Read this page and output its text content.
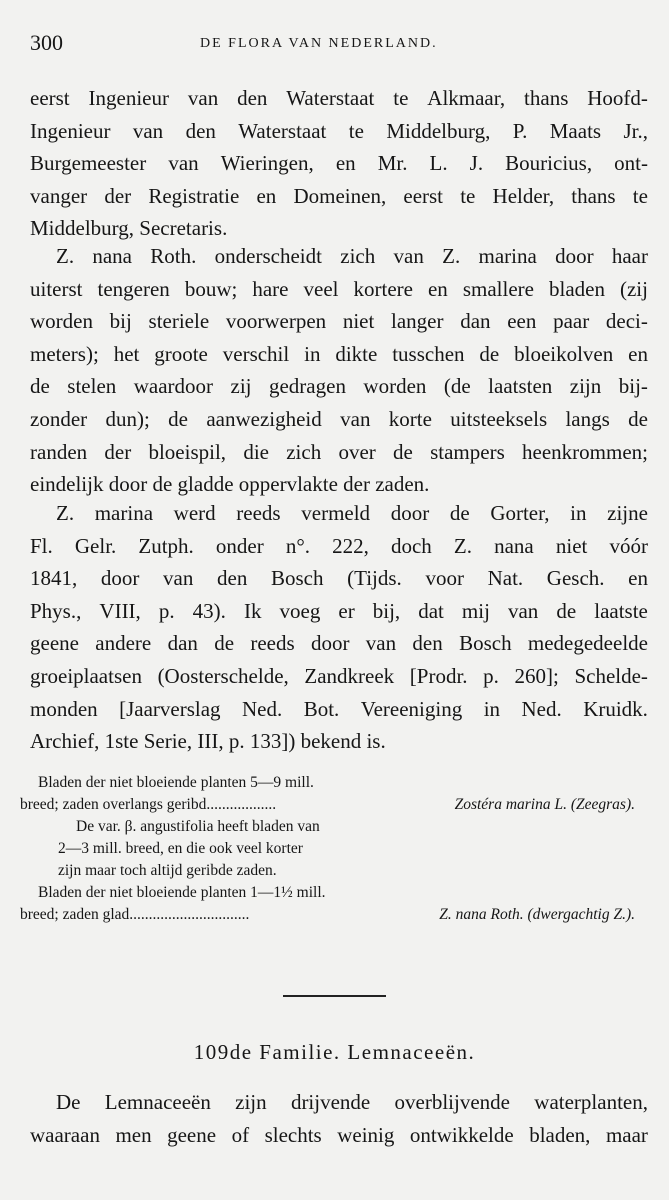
300	DE FLORA VAN NEDERLAND.
eerst Ingenieur van den Waterstaat te Alkmaar, thans Hoofd-
Ingenieur van den Waterstaat te Middelburg, P. Maats Jr.,
Burgemeester van Wieringen, en Mr. L. J. Bouricius, ont-
vanger der Registratie en Domeinen, eerst te Helder, thans te
Middelburg, Secretaris.
Z. nana Roth. onderscheidt zich van Z. marina door haar
uiterst tengeren bouw; hare veel kortere en smallere bladen (zij
worden bij steriele voorwerpen niet langer dan een paar deci-
meters); het groote verschil in dikte tusschen de bloeikolven en
de stelen waardoor zij gedragen worden (de laatsten zijn bij-
zonder dun); de aanwezigheid van korte uitsteeksels langs de
randen der bloeispil, die zich over de stampers heenkrommen;
eindelijk door de gladde oppervlakte der zaden.
Z. marina werd reeds vermeld door de Gorter, in zijne
Fl. Gelr. Zutph. onder n°. 222, doch Z. nana niet vóór
1841, door van den Bosch (Tijds. voor Nat. Gesch. en
Phys., VIII, p. 43). Ik voeg er bij, dat mij van de laatste
geene andere dan de reeds door van den Bosch medegedeelde
groeiplaatsen (Oosterschelde, Zandkreek [Prodr. p. 260]; Schelde-
monden [Jaarverslag Ned. Bot. Vereeniging in Ned. Kruidk.
Archief, 1ste Serie, III, p. 133]) bekend is.
Bladen der niet bloeiende planten 5—9 mill.
breed; zaden overlangs geribd..................	Zostéra marina L. (Zeegras).
De var. β. angustifolia heeft bladen van
2—3 mill. breed, en die ook veel korter
zijn maar toch altijd geribde zaden.
Bladen der niet bloeiende planten 1—1½ mill.
breed; zaden glad...............................	Z. nana Roth. (dwergachtig Z.).
109de Familie. Lemnaceeën.
De Lemnaceeën zijn drijvende overblijvende waterplanten,
waaraan men geene of slechts weinig ontwikkelde bladen, maar
